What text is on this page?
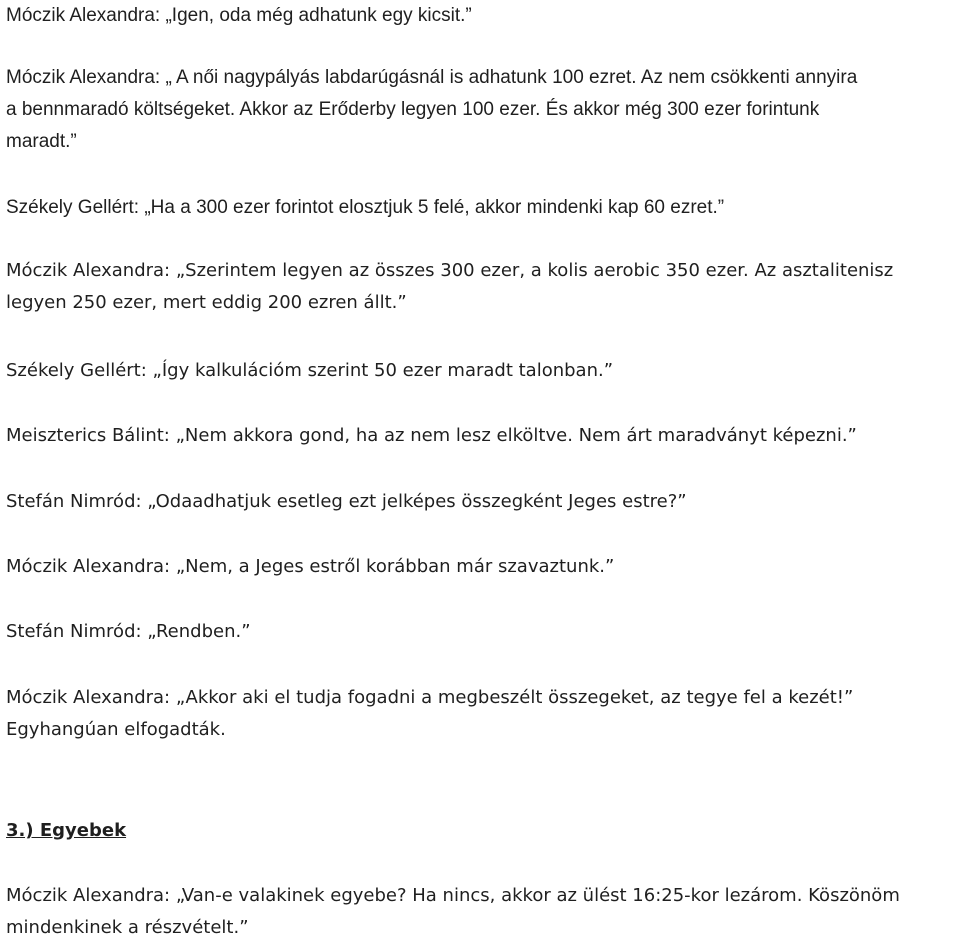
Móczik Alexandra: „Igen, oda még adhatunk egy kicsit.”

Móczik Alexandra: „ A női nagypályás labdarúgásnál is adhatunk 100 ezret. Az nem csökkenti annyira
a bennmaradó költségeket. Akkor az Erőderby legyen 100 ezer. És akkor még 300 ezer forintunk
maradt.”

Székely Gellért: „Ha a 300 ezer forintot elosztjuk 5 felé, akkor mindenki kap 60 ezret.”

Móczik Alexandra: „Szerintem legyen az összes 300 ezer, a kolis aerobic 350 ezer. Az asztalitenisz
legyen 250 ezer, mert eddig 200 ezren állt.”

Székely Gellért: „Így kalkulációm szerint 50 ezer maradt talonban.”

Meiszterics Bálint: „Nem akkora gond, ha az nem lesz elköltve. Nem árt maradványt képezni.”

Stefán Nimród: „Odaadhatjuk esetleg ezt jelképes összegként Jeges estre?”

Móczik Alexandra: „Nem, a Jeges estről korábban már szavaztunk.”

Stefán Nimród: „Rendben.”

Móczik Alexandra: „Akkor aki el tudja fogadni a megbeszélt összegeket, az tegye fel a kezét!”
Egyhangúan elfogadták.

3.) Egyebek

Móczik Alexandra: „Van-e valakinek egyebe? Ha nincs, akkor az ülést 16:25-kor lezárom. Köszönöm
mindenkinek a részvételt.”
